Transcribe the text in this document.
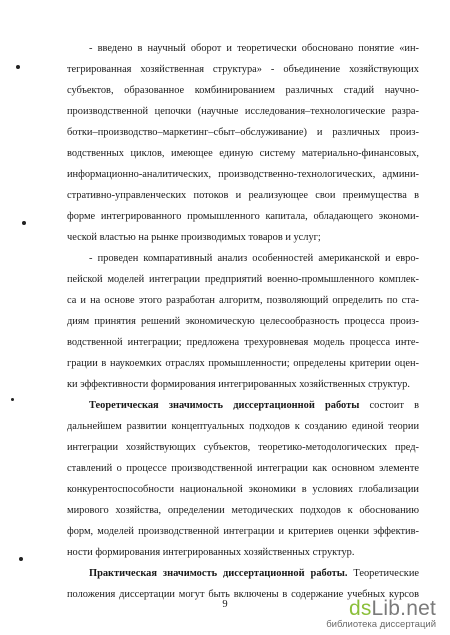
- введено в научный оборот и теоретически обосновано понятие «ин-
тегрированная хозяйственная структура» - объединение хозяйствующих
субъектов, образованное комбинированием различных стадий научно-
производственной цепочки (научные исследования–технологические разра-
ботки–производство–маркетинг–сбыт–обслуживание) и различных произ-
водственных циклов, имеющее единую систему материально-финансовых,
информационно-аналитических, производственно-технологических, админи-
стративно-управленческих потоков и реализующее свои преимущества в
форме интегрированного промышленного капитала, обладающего экономи-
ческой властью на рынке производимых товаров и услуг;
- проведен компаративный анализ особенностей американской и евро-
пейской моделей интеграции предприятий военно-промышленного комплек-
са и на основе этого разработан алгоритм, позволяющий определить по ста-
диям принятия решений экономическую целесообразность процесса произ-
водственной интеграции; предложена трехуровневая модель процесса инте-
грации в наукоемких отраслях промышленности; определены критерии оцен-
ки эффективности формирования интегрированных хозяйственных структур.
Теоретическая значимость диссертационной работы состоит в
дальнейшем развитии концептуальных подходов к созданию единой теории
интеграции хозяйствующих субъектов, теоретико-методологических пред-
ставлений о процессе производственной интеграции как основном элементе
конкурентоспособности национальной экономики в условиях глобализации
мирового хозяйства, определении методических подходов к обоснованию
форм, моделей производственной интеграции и критериев оценки эффектив-
ности формирования интегрированных хозяйственных структур.
Практическая значимость диссертационной работы. Теоретические
положения диссертации могут быть включены в содержание учебных курсов
9	dsLib.net
библиотека диссертаций
